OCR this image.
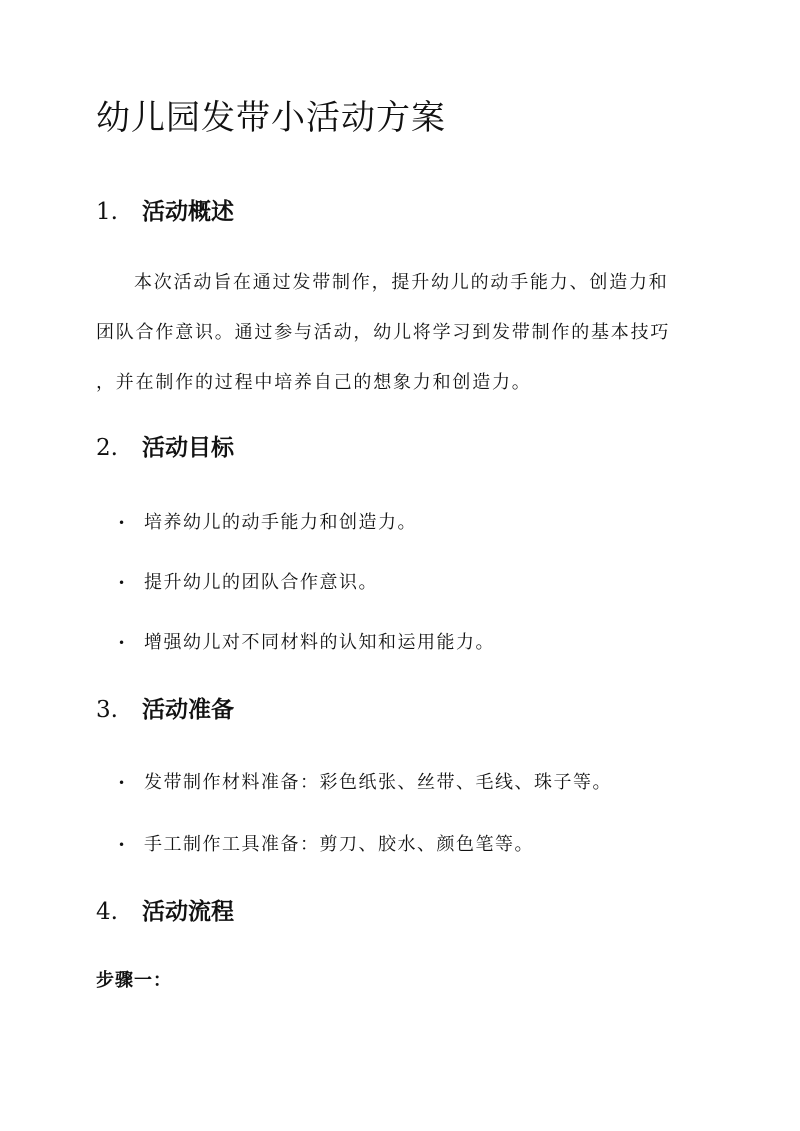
幼儿园发带小活动方案
1. 活动概述

本次活动旨在通过发带制作，提升幼儿的动手能力、创造力和

团队合作意识。通过参与活动，幼儿将学习到发带制作的基本技巧

，并在制作的过程中培养自己的想象力和创造力。

2. 活动目标

• 培养幼儿的动手能力和创造力。

• 提升幼儿的团队合作意识。

• 增强幼儿对不同材料的认知和运用能力。

3. 活动准备

• 发带制作材料准备：彩色纸张、丝带、毛线、珠子等。

• 手工制作工具准备：剪刀、胶水、颜色笔等。

4. 活动流程

步骤一：
